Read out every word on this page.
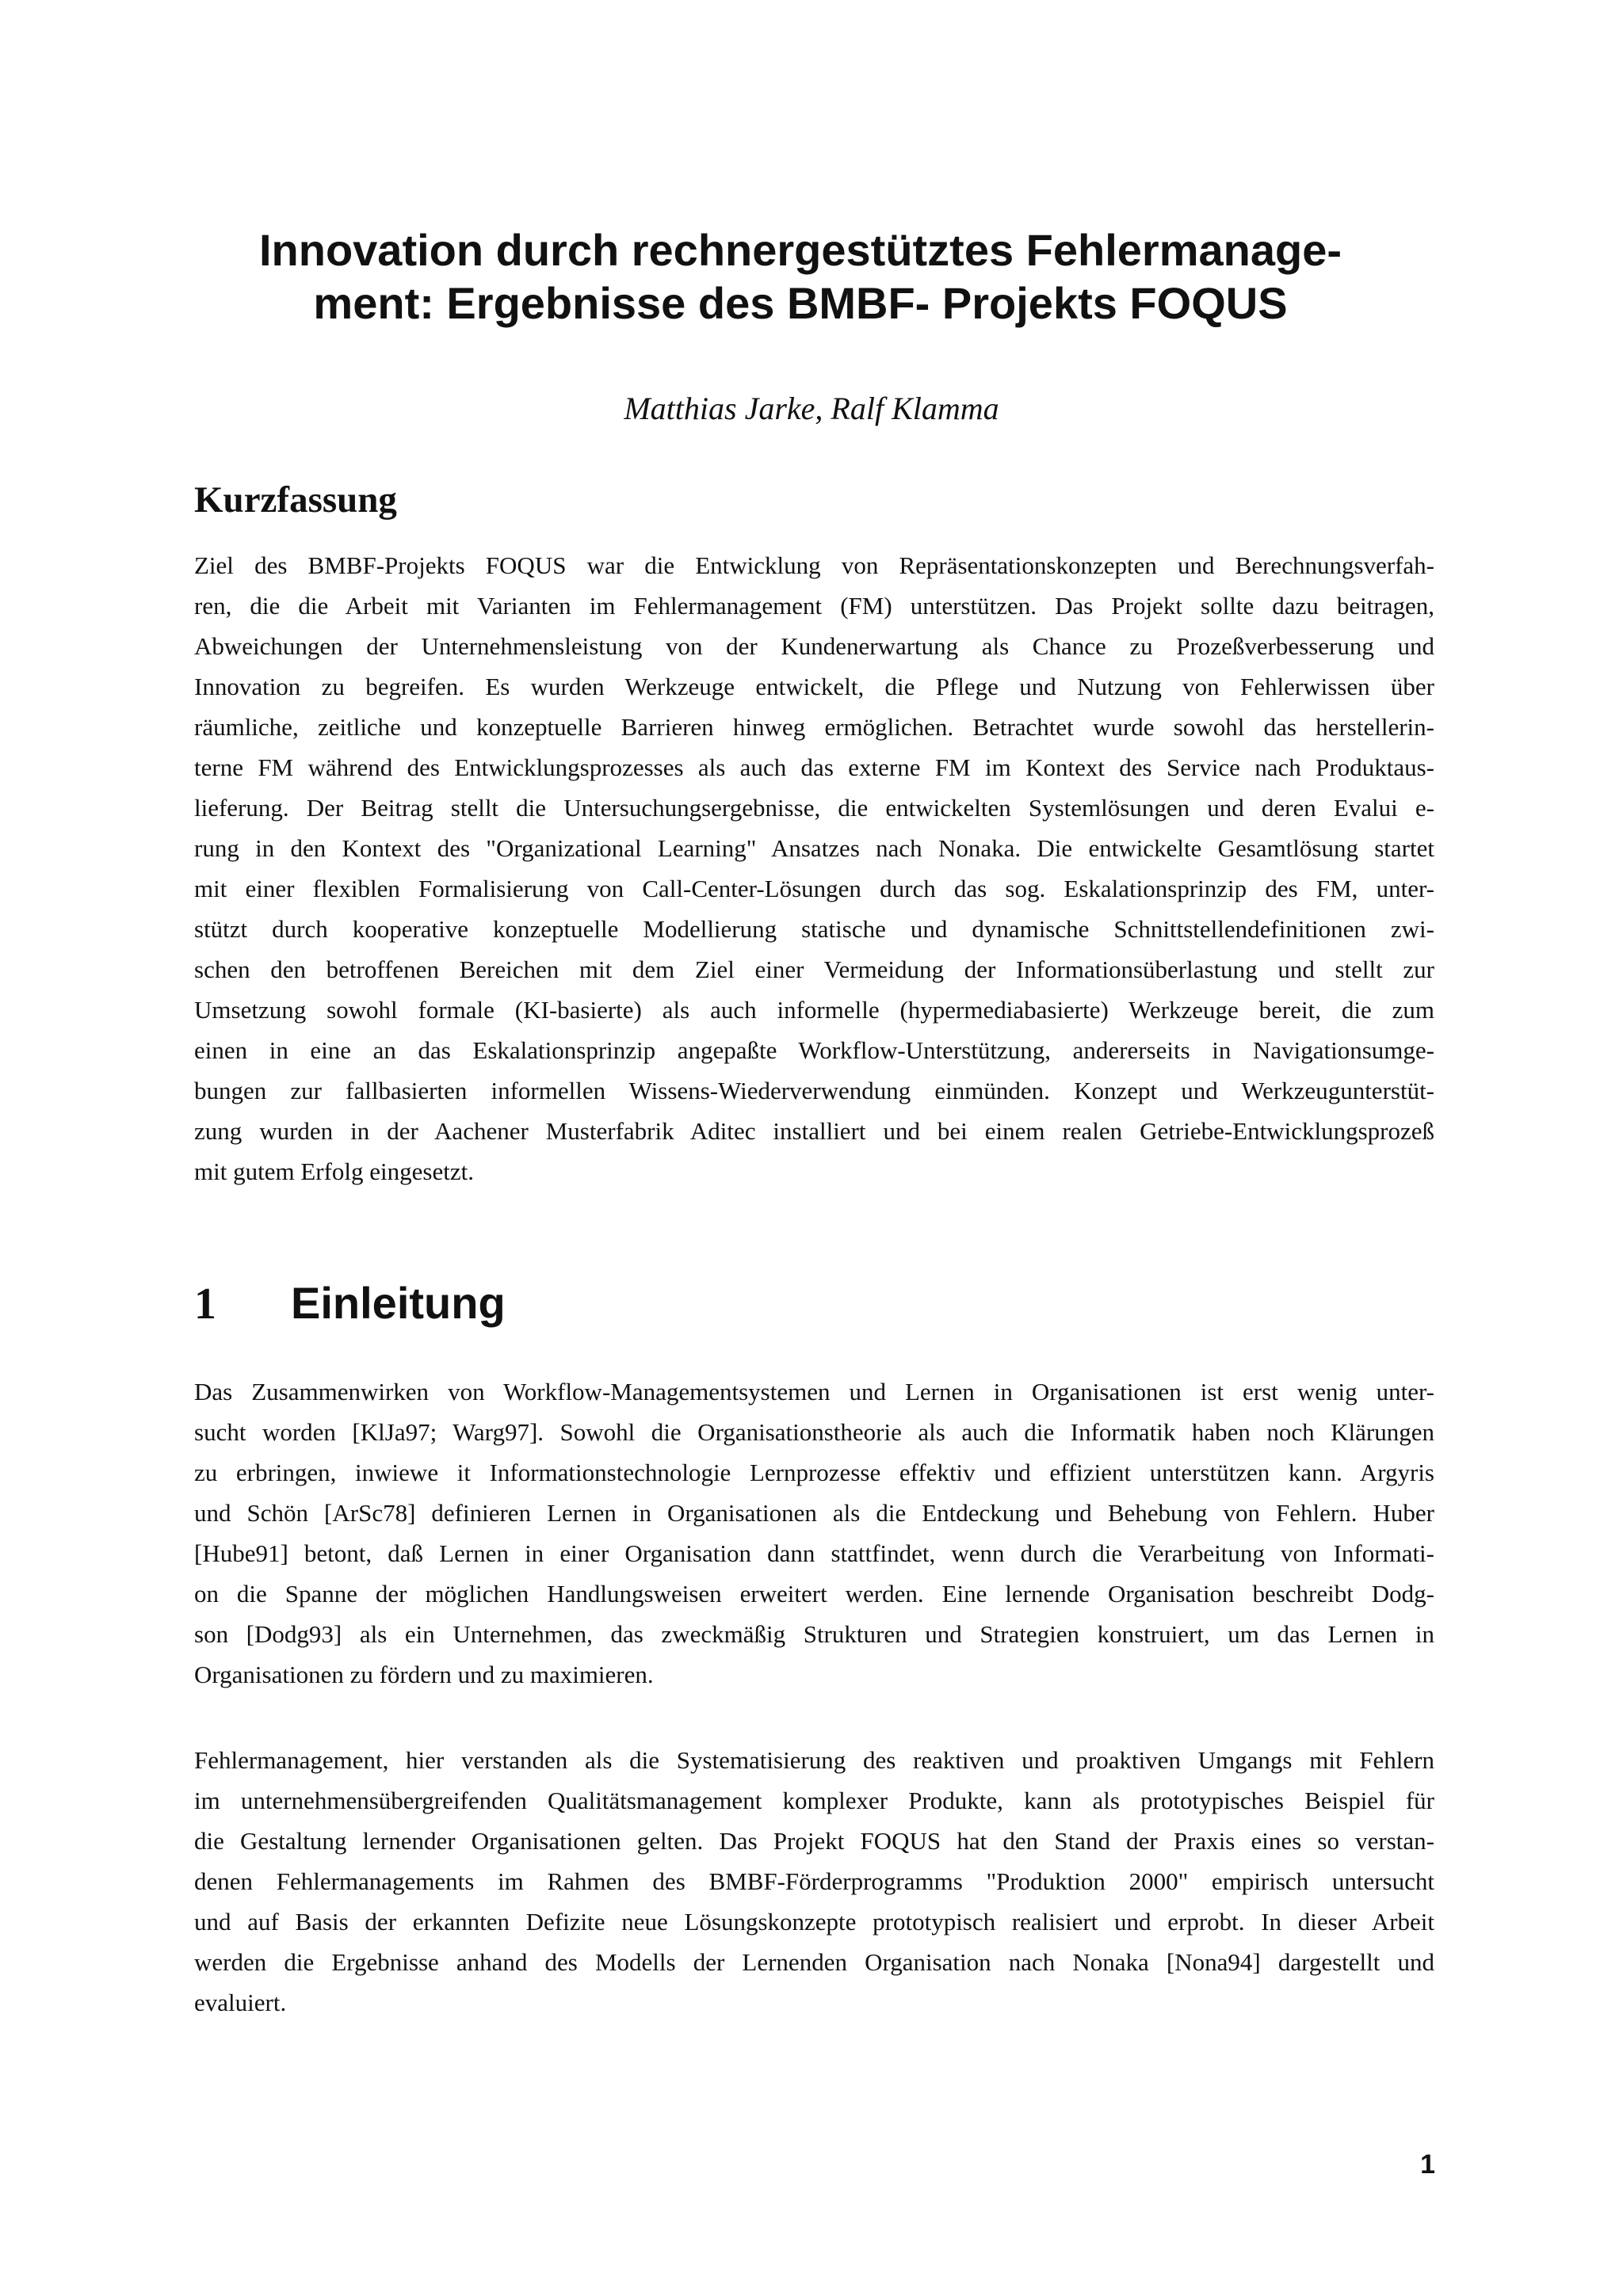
Innovation durch rechnergestütztes Fehlermanage-
ment: Ergebnisse des BMBF- Projekts FOQUS

Matthias Jarke, Ralf Klamma

Kurzfassung

Ziel des BMBF-Projekts FOQUS war die Entwicklung von Repräsentationskonzepten und Berechnungsverfah-
ren, die die Arbeit mit Varianten im Fehlermanagement (FM) unterstützen. Das Projekt sollte dazu beitragen,
Abweichungen der Unternehmensleistung von der Kundenerwartung als Chance zu Prozeßverbesserung und
Innovation zu begreifen. Es wurden Werkzeuge entwickelt, die Pflege und Nutzung von Fehlerwissen über
räumliche, zeitliche und konzeptuelle Barrieren hinweg ermöglichen. Betrachtet wurde sowohl das herstellerin-
terne FM während des Entwicklungsprozesses als auch das externe FM im Kontext des Service nach Produktaus-
lieferung. Der Beitrag stellt die Untersuchungsergebnisse, die entwickelten Systemlösungen und deren Evalui e-
rung in den Kontext des "Organizational Learning" Ansatzes nach Nonaka. Die entwickelte Gesamtlösung startet
mit einer flexiblen Formalisierung von Call-Center-Lösungen durch das sog. Eskalationsprinzip des FM, unter-
stützt durch kooperative konzeptuelle Modellierung statische und dynamische Schnittstellendefinitionen zwi-
schen den betroffenen Bereichen mit dem Ziel einer Vermeidung der Informationsüberlastung und stellt zur
Umsetzung sowohl formale (KI-basierte) als auch informelle (hypermediabasierte) Werkzeuge bereit, die zum
einen in eine an das Eskalationsprinzip angepaßte Workflow-Unterstützung, andererseits in Navigationsumge-
bungen zur fallbasierten informellen Wissens-Wiederverwendung einmünden. Konzept und Werkzeugunterstüt-
zung wurden in der Aachener Musterfabrik Aditec installiert und bei einem realen Getriebe-Entwicklungsprozeß
mit gutem Erfolg eingesetzt.

1 Einleitung

Das Zusammenwirken von Workflow-Managementsystemen und Lernen in Organisationen ist erst wenig unter-
sucht worden [KlJa97; Warg97]. Sowohl die Organisationstheorie als auch die Informatik haben noch Klärungen
zu erbringen, inwiewe it Informationstechnologie Lernprozesse effektiv und effizient unterstützen kann. Argyris
und Schön [ArSc78] definieren Lernen in Organisationen als die Entdeckung und Behebung von Fehlern. Huber
[Hube91] betont, daß Lernen in einer Organisation dann stattfindet, wenn durch die Verarbeitung von Informati-
on die Spanne der möglichen Handlungsweisen erweitert werden. Eine lernende Organisation beschreibt Dodg-
son [Dodg93] als ein Unternehmen, das zweckmäßig Strukturen und Strategien konstruiert, um das Lernen in
Organisationen zu fördern und zu maximieren.

Fehlermanagement, hier verstanden als die Systematisierung des reaktiven und proaktiven Umgangs mit Fehlern
im unternehmensübergreifenden Qualitätsmanagement komplexer Produkte, kann als prototypisches Beispiel für
die Gestaltung lernender Organisationen gelten. Das Projekt FOQUS hat den Stand der Praxis eines so verstan-
denen Fehlermanagements im Rahmen des BMBF-Förderprogramms "Produktion 2000" empirisch untersucht
und auf Basis der erkannten Defizite neue Lösungskonzepte prototypisch realisiert und erprobt. In dieser Arbeit
werden die Ergebnisse anhand des Modells der Lernenden Organisation nach Nonaka [Nona94] dargestellt und
evaluiert.

1
